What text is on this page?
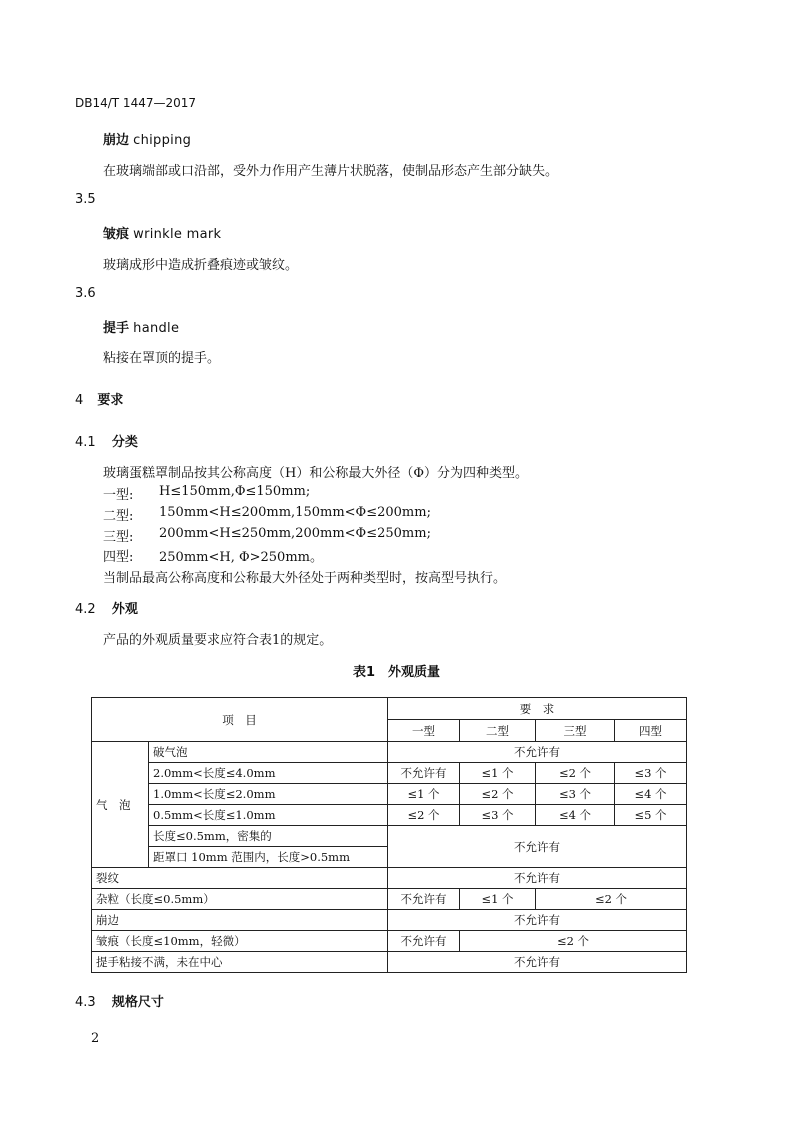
DB14/T 1447—2017
崩边 chipping
在玻璃端部或口沿部，受外力作用产生薄片状脱落，使制品形态产生部分缺失。
3.5
皱痕 wrinkle mark
玻璃成形中造成折叠痕迹或皱纹。
3.6
提手 handle
粘接在罩顶的提手。
4 要求
4.1 分类
玻璃蛋糕罩制品按其公称高度（H）和公称最大外径（Φ）分为四种类型。
一型: H≤150mm,Φ≤150mm;
二型: 150mm<H≤200mm,150mm<Φ≤200mm;
三型: 200mm<H≤250mm,200mm<Φ≤250mm;
四型: 250mm<H, Φ>250mm。
当制品最高公称高度和公称最大外径处于两种类型时，按高型号执行。
4.2 外观
产品的外观质量要求应符合表1的规定。
表1　外观质量
项　目		要　求			
		一型	二型	三型	四型
气　泡	破气泡	不允许有			
	2.0mm<长度≤4.0mm	不允许有	≤1 个	≤2 个	≤3 个
	1.0mm<长度≤2.0mm	≤1 个	≤2 个	≤3 个	≤4 个
	0.5mm<长度≤1.0mm	≤2 个	≤3 个	≤4 个	≤5 个
	长度≤0.5mm，密集的	不允许有			
	距罩口 10mm 范围内，长度>0.5mm				
裂纹		不允许有			
杂粒（长度≤0.5mm）		不允许有	≤1 个	≤2 个	
崩边		不允许有			
皱痕（长度≤10mm，轻微）		不允许有	≤2 个		
提手粘接不满，未在中心		不允许有			
4.3 规格尺寸
2
